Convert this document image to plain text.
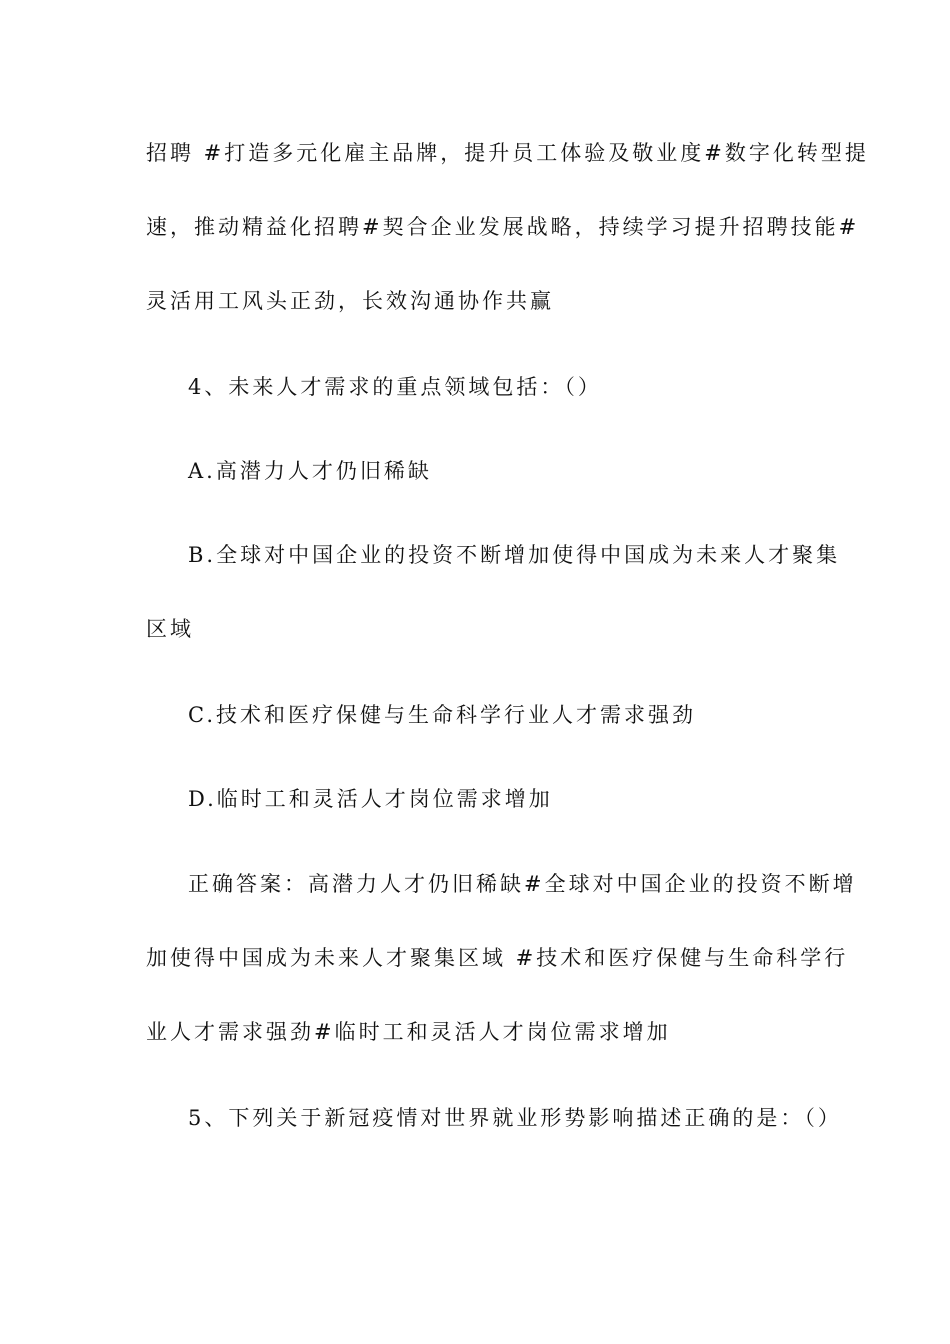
招聘 #打造多元化雇主品牌，提升员工体验及敬业度#数字化转型提
速，推动精益化招聘#契合企业发展战略，持续学习提升招聘技能#
灵活用工风头正劲，长效沟通协作共赢
4、未来人才需求的重点领域包括：（）
A.高潜力人才仍旧稀缺
B.全球对中国企业的投资不断增加使得中国成为未来人才聚集
区域
C.技术和医疗保健与生命科学行业人才需求强劲
D.临时工和灵活人才岗位需求增加
正确答案：高潜力人才仍旧稀缺#全球对中国企业的投资不断增
加使得中国成为未来人才聚集区域 #技术和医疗保健与生命科学行
业人才需求强劲#临时工和灵活人才岗位需求增加
5、下列关于新冠疫情对世界就业形势影响描述正确的是：（）
